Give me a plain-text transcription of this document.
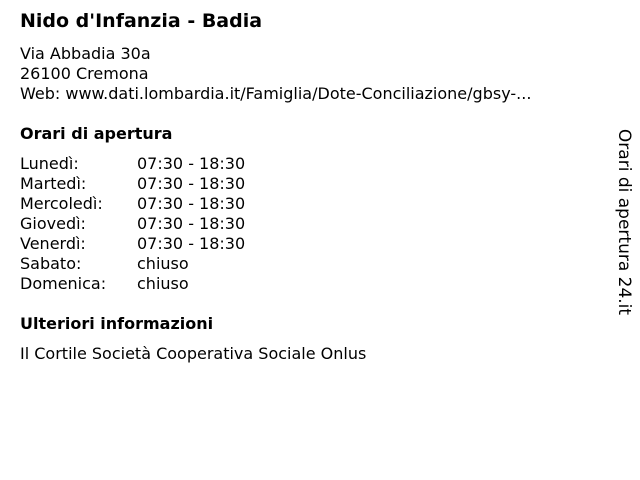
Nido d'Infanzia - Badia
Via Abbadia 30a
26100 Cremona
Web: www.dati.lombardia.it/Famiglia/Dote-Conciliazione/gbsy-...
Orari di apertura
Lunedì:	07:30 - 18:30
Martedì:	07:30 - 18:30
Mercoledì:	07:30 - 18:30
Giovedì:	07:30 - 18:30
Venerdì:	07:30 - 18:30
Sabato:	chiuso
Domenica:	chiuso
Ulteriori informazioni
Il Cortile Società Cooperativa Sociale Onlus
Orari di apertura 24.it
